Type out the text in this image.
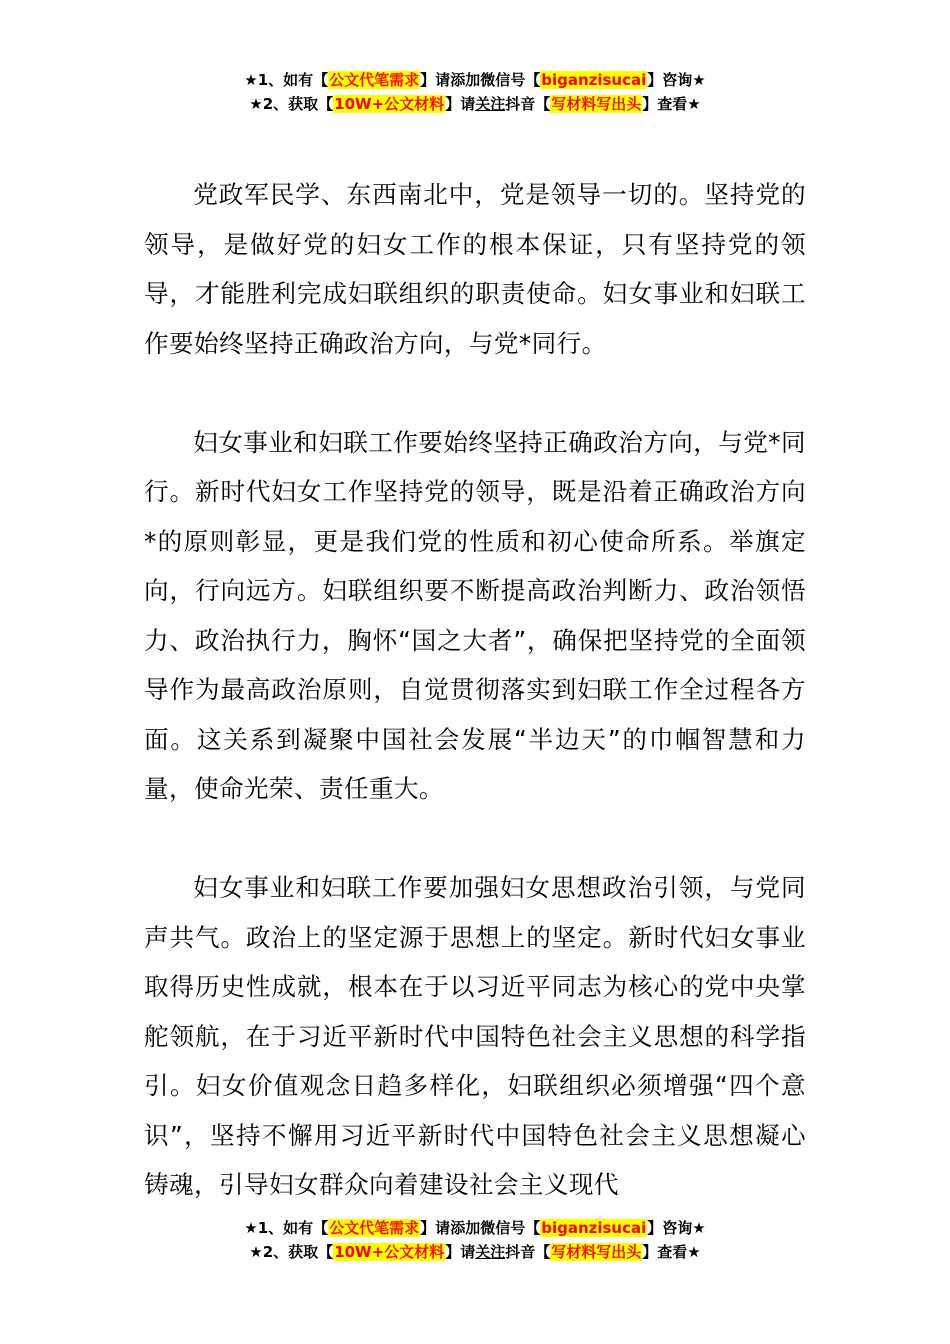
★1、如有【公文代笔需求】请添加微信号【biganzisucai】咨询★
★2、获取【10W+公文材料】请关注抖音【写材料写出头】查看★

党政军民学、东西南北中，党是领导一切的。坚持党的领导，是做好党的妇女工作的根本保证，只有坚持党的领导，才能胜利完成妇联组织的职责使命。妇女事业和妇联工作要始终坚持正确政治方向，与党*同行。

妇女事业和妇联工作要始终坚持正确政治方向，与党*同行。新时代妇女工作坚持党的领导，既是沿着正确政治方向*的原则彰显，更是我们党的性质和初心使命所系。举旗定向，行向远方。妇联组织要不断提高政治判断力、政治领悟力、政治执行力，胸怀“国之大者”，确保把坚持党的全面领导作为最高政治原则，自觉贯彻落实到妇联工作全过程各方面。这关系到凝聚中国社会发展“半边天”的巾帼智慧和力量，使命光荣、责任重大。

妇女事业和妇联工作要加强妇女思想政治引领，与党同声共气。政治上的坚定源于思想上的坚定。新时代妇女事业取得历史性成就，根本在于以习近平同志为核心的党中央掌舵领航，在于习近平新时代中国特色社会主义思想的科学指引。妇女价值观念日趋多样化，妇联组织必须增强“四个意识”，坚持不懈用习近平新时代中国特色社会主义思想凝心铸魂，引导妇女群众向着建设社会主义现代

★1、如有【公文代笔需求】请添加微信号【biganzisucai】咨询★
★2、获取【10W+公文材料】请关注抖音【写材料写出头】查看★
